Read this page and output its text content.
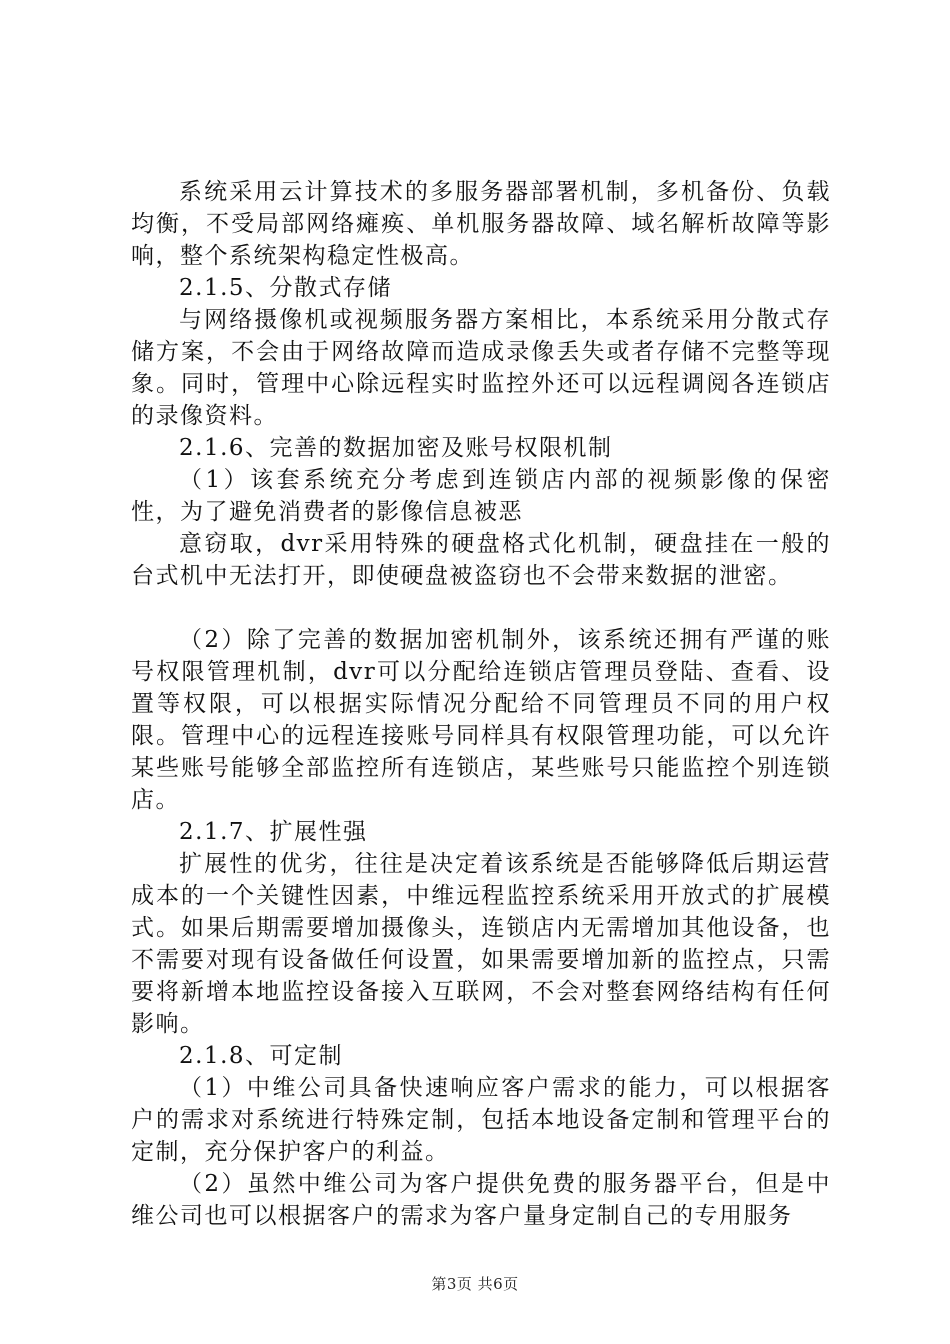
系统采用云计算技术的多服务器部署机制，多机备份、负载均衡，不受局部网络瘫痪、单机服务器故障、域名解析故障等影响，整个系统架构稳定性极高。

2.1.5、分散式存储

与网络摄像机或视频服务器方案相比，本系统采用分散式存储方案，不会由于网络故障而造成录像丢失或者存储不完整等现象。同时，管理中心除远程实时监控外还可以远程调阅各连锁店的录像资料。

2.1.6、完善的数据加密及账号权限机制

（1）该套系统充分考虑到连锁店内部的视频影像的保密性，为了避免消费者的影像信息被恶

意窃取，dvr采用特殊的硬盘格式化机制，硬盘挂在一般的台式机中无法打开，即使硬盘被盗窃也不会带来数据的泄密。

（2）除了完善的数据加密机制外，该系统还拥有严谨的账号权限管理机制，dvr可以分配给连锁店管理员登陆、查看、设置等权限，可以根据实际情况分配给不同管理员不同的用户权限。管理中心的远程连接账号同样具有权限管理功能，可以允许某些账号能够全部监控所有连锁店，某些账号只能监控个别连锁店。

2.1.7、扩展性强

扩展性的优劣，往往是决定着该系统是否能够降低后期运营成本的一个关键性因素，中维远程监控系统采用开放式的扩展模式。如果后期需要增加摄像头，连锁店内无需增加其他设备，也不需要对现有设备做任何设置，如果需要增加新的监控点，只需要将新增本地监控设备接入互联网，不会对整套网络结构有任何影响。

2.1.8、可定制

（1）中维公司具备快速响应客户需求的能力，可以根据客户的需求对系统进行特殊定制，包括本地设备定制和管理平台的定制，充分保护客户的利益。

（2）虽然中维公司为客户提供免费的服务器平台，但是中维公司也可以根据客户的需求为客户量身定制自己的专用服务

第3页 共6页
